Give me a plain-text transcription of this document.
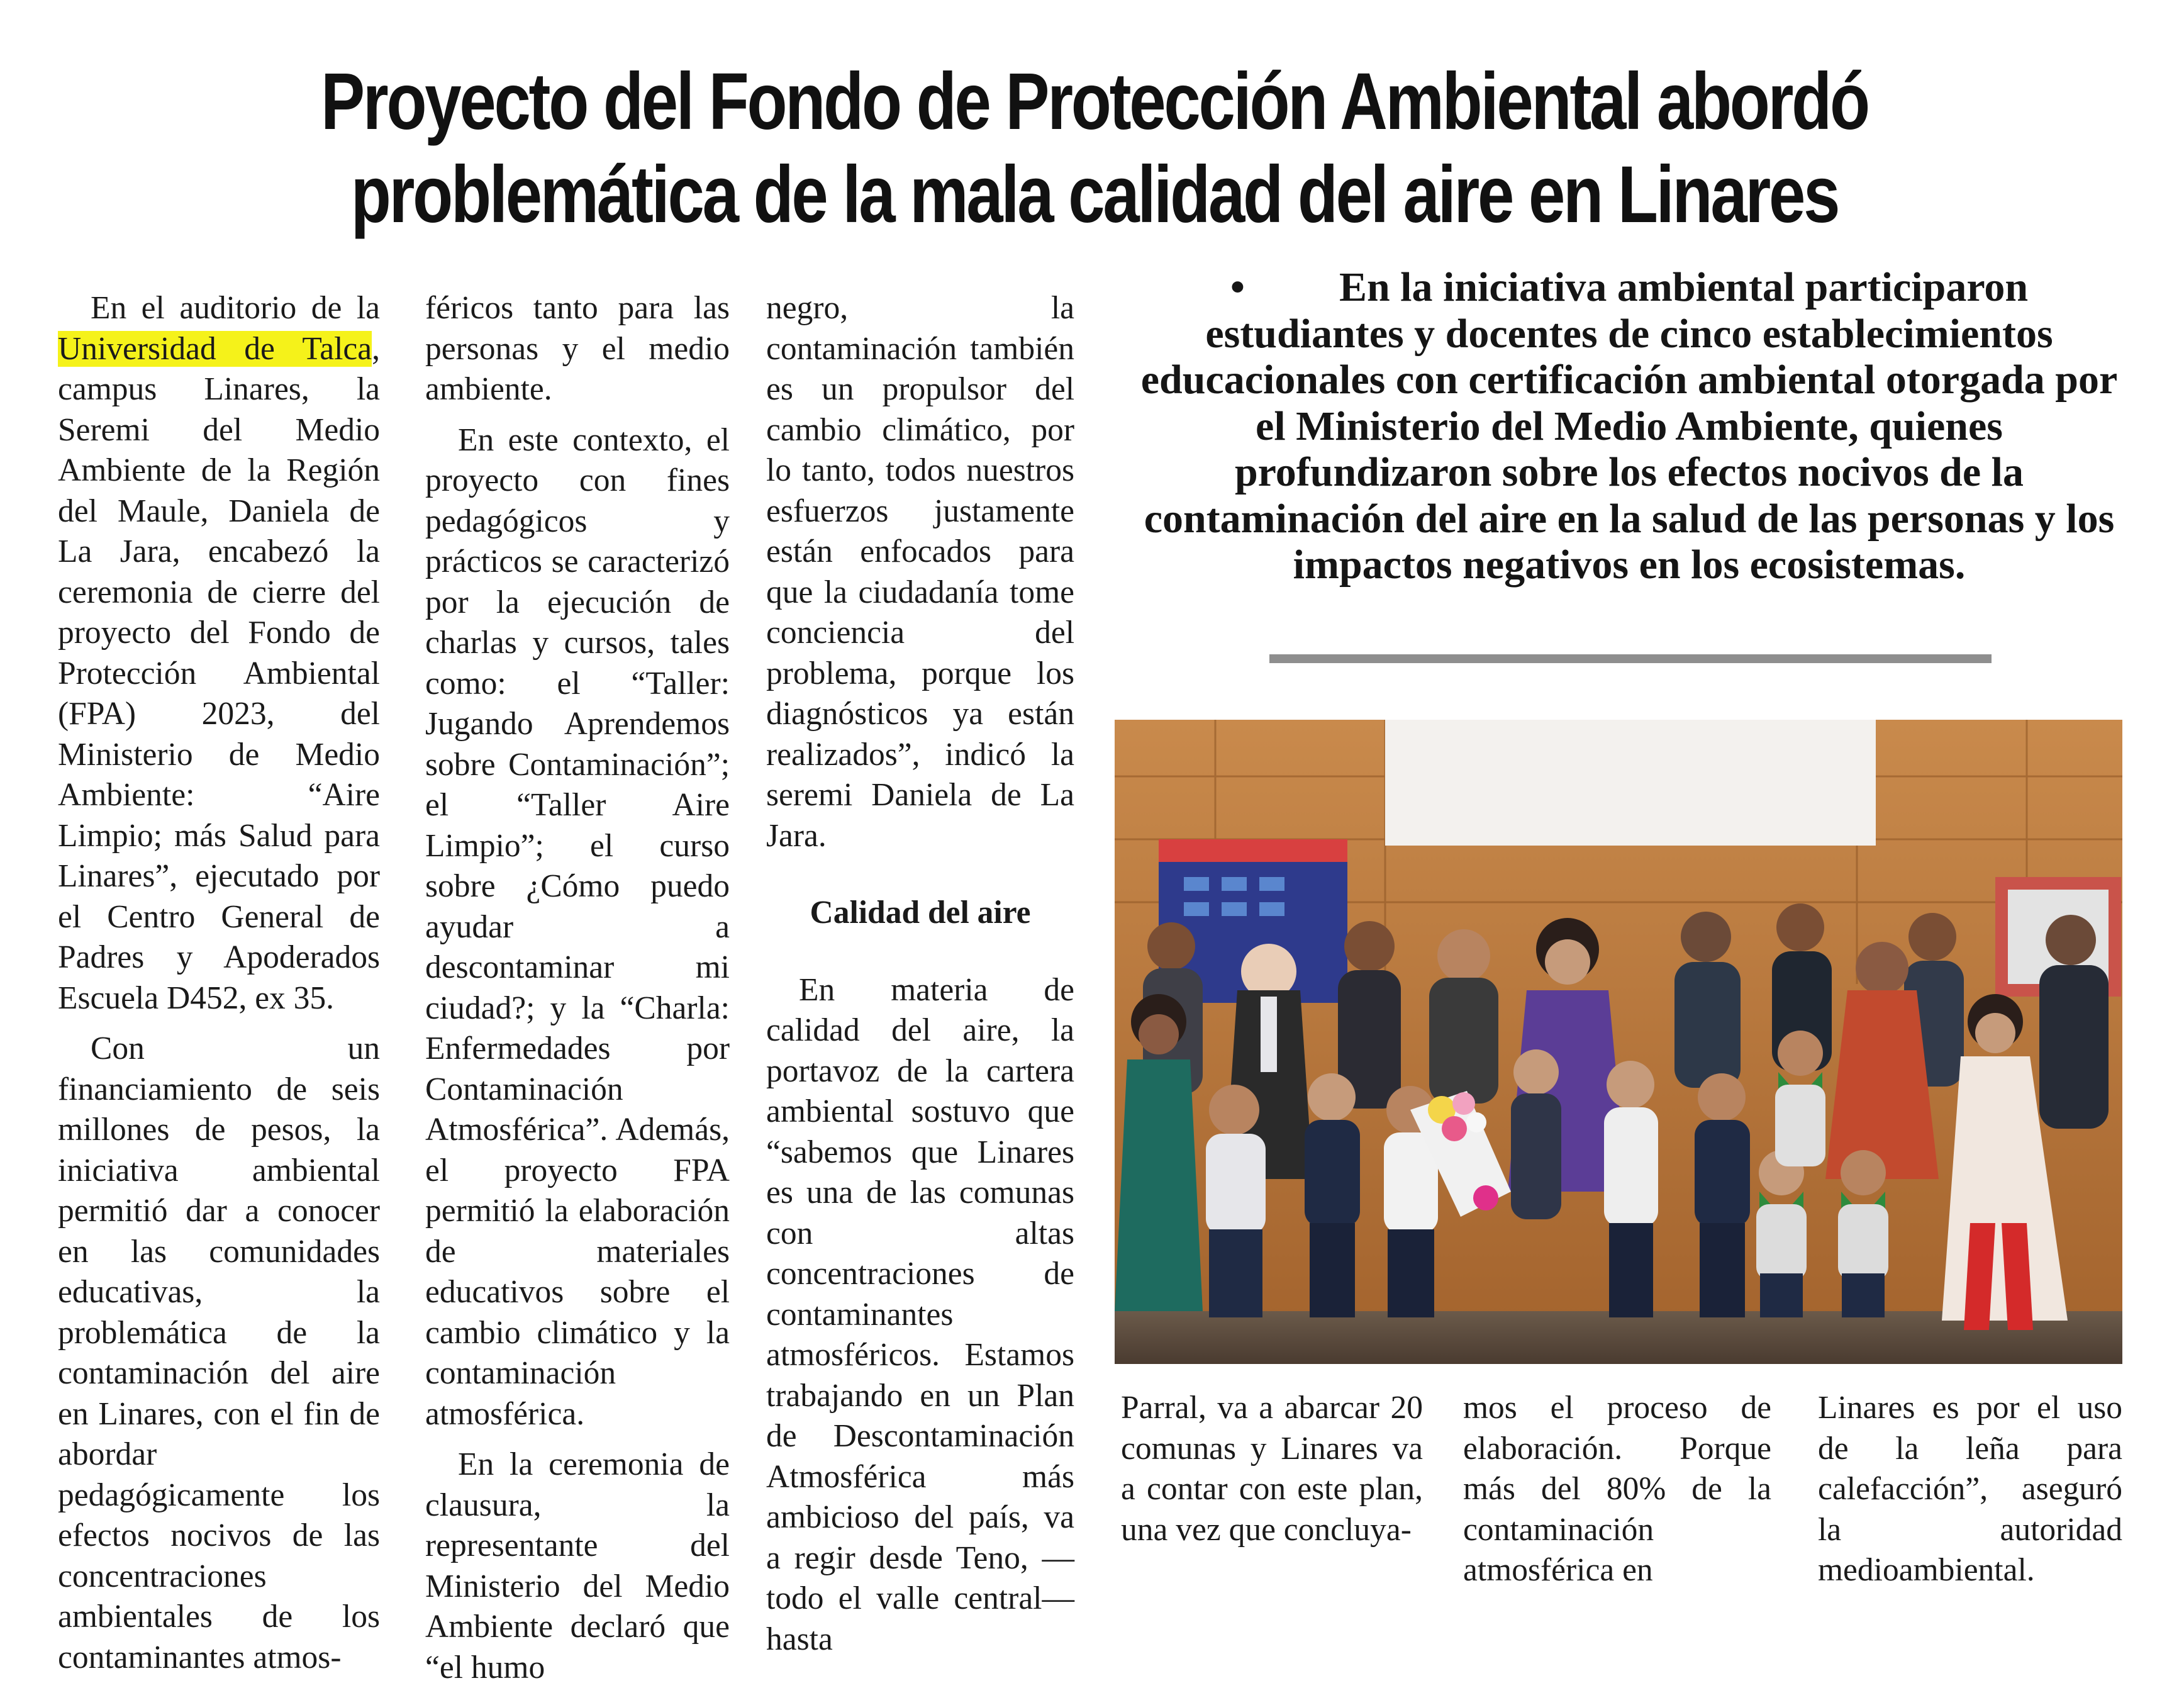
Proyecto del Fondo de Protección Ambiental abordó
problemática de la mala calidad del aire en Linares

En el auditorio de la Universidad de Talca, campus Linares, la Seremi del Medio Ambiente de la Región del Maule, Daniela de La Jara, encabezó la ceremonia de cierre del proyecto del Fondo de Protección Ambiental (FPA) 2023, del Ministerio de Medio Ambiente: “Aire Limpio; más Salud para Linares”, ejecutado por el Centro General de Padres y Apoderados Escuela D452, ex 35.

Con un financiamiento de seis millones de pesos, la iniciativa ambiental permitió dar a conocer en las comunidades educativas, la problemática de la contaminación del aire en Linares, con el fin de abordar pedagógicamente los efectos nocivos de las concentraciones ambientales de los contaminantes atmos-

féricos tanto para las personas y el medio ambiente.

En este contexto, el proyecto con fines pedagógicos y prácticos se caracterizó por la ejecución de charlas y cursos, tales como: el “Taller: Jugando Aprendemos sobre Contaminación”; el “Taller Aire Limpio”; el curso sobre ¿Cómo puedo ayudar a descontaminar mi ciudad?; y la “Charla: Enfermedades por Contaminación Atmosférica”. Además, el proyecto FPA permitió la elaboración de materiales educativos sobre el cambio climático y la contaminación atmosférica.

En la ceremonia de clausura, la representante del Ministerio del Medio Ambiente declaró que “el humo

negro, la contaminación también es un propulsor del cambio climático, por lo tanto, todos nuestros esfuerzos justamente están enfocados para que la ciudadanía tome conciencia del problema, porque los diagnósticos ya están realizados”, indicó la seremi Daniela de La Jara.

Calidad del aire

En materia de calidad del aire, la portavoz de la cartera ambiental sostuvo que “sabemos que Linares es una de las comunas con altas concentraciones de contaminantes atmosféricos. Estamos trabajando en un Plan de Descontaminación Atmosférica más ambicioso del país, va a regir desde Teno, —todo el valle central— hasta

• En la iniciativa ambiental participaron estudiantes y docentes de cinco establecimientos educacionales con certificación ambiental otorgada por el Ministerio del Medio Ambiente, quienes profundizaron sobre los efectos nocivos de la contaminación del aire en la salud de las personas y los impactos negativos en los ecosistemas.

Parral, va a abarcar 20 comunas y Linares va a contar con este plan, una vez que concluya-

mos el proceso de elaboración. Porque más del 80% de la contaminación atmosférica en

Linares es por el uso de la leña para calefacción”, aseguró la autoridad medioambiental.
